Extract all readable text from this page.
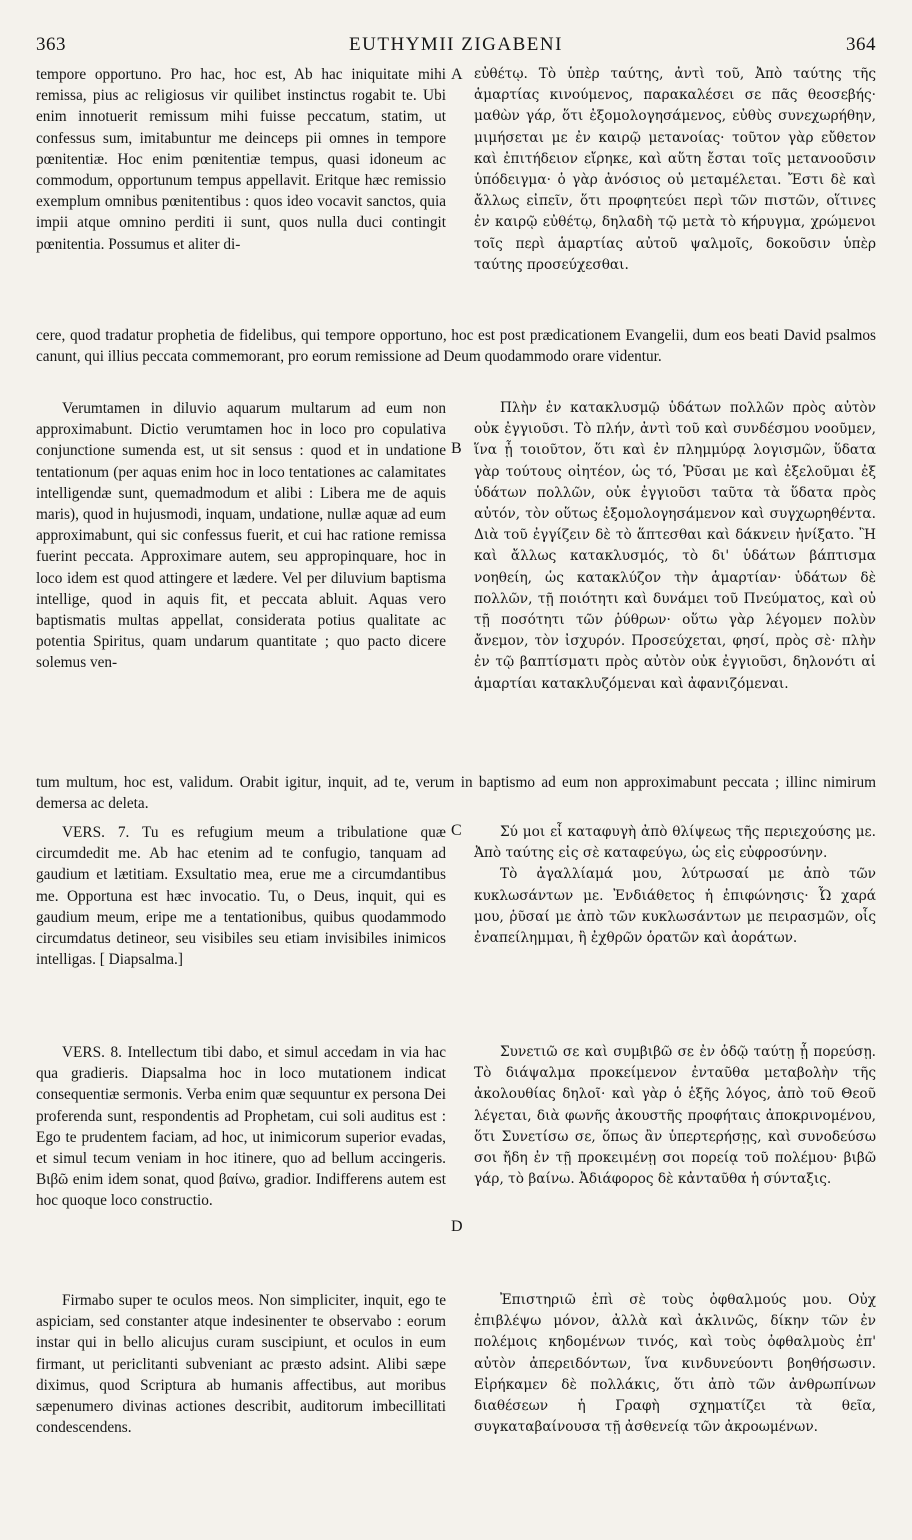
363	EUTHYMII ZIGABENI	364

tempore opportuno. Pro hac, hoc est, Ab hac iniquitate mihi remissa, pius ac religiosus vir quilibet instinctus rogabit te. Ubi enim innotuerit remissum mihi fuisse peccatum, statim, ut confessus sum, imitabuntur me deinceps pii omnes in tempore pœnitentiæ. Hoc enim pœnitentiæ tempus, quasi idoneum ac commodum, opportunum tempus appellavit. Eritque hæc remissio exemplum omnibus pœnitentibus : quos ideo vocavit sanctos, quia impii atque omnino perditi ii sunt, quos nulla duci contingit pœnitentia. Possumus et aliter di-

A εὐθέτῳ. Τὸ ὑπὲρ ταύτης, ἀντὶ τοῦ, Ἀπὸ ταύτης τῆς ἁμαρτίας κινούμενος, παρακαλέσει σε πᾶς θεοσεβής· μαθὼν γάρ, ὅτι ἐξομολογησάμενος, εὐθὺς συνεχωρήθην, μιμήσεται με ἐν καιρῷ μετανοίας· τοῦτον γὰρ εὔθετον καὶ ἐπιτήδειον εἴρηκε, καὶ αὕτη ἔσται τοῖς μετανοοῦσιν ὑπόδειγμα· ὁ γὰρ ἀνόσιος οὐ μεταμέλεται. Ἔστι δὲ καὶ ἄλλως εἰπεῖν, ὅτι προφητεύει περὶ τῶν πιστῶν, οἵτινες ἐν καιρῷ εὐθέτῳ, δηλαδὴ τῷ μετὰ τὸ κήρυγμα, χρώμενοι τοῖς περὶ ἁμαρτίας αὐτοῦ ψαλμοῖς, δοκοῦσιν ὑπὲρ ταύτης προσεύχεσθαι.

cere, quod tradatur prophetia de fidelibus, qui tempore opportuno, hoc est post prædicationem Evangelii, dum eos beati David psalmos canunt, qui illius peccata commemorant, pro eorum remissione ad Deum quodammodo orare videntur.

Verumtamen in diluvio aquarum multarum ad eum non approximabunt. Dictio verumtamen hoc in loco pro copulativa conjunctione sumenda est, ut sit sensus : quod et in undatione tentationum (per aquas enim hoc in loco tentationes ac calamitates intelligendæ sunt, quemadmodum et alibi : Libera me de aquis maris), quod in hujusmodi, inquam, undatione, nullæ aquæ ad eum approximabunt, qui sic confessus fuerit, et cui hac ratione remissa fuerint peccata. Approximare autem, seu appropinquare, hoc in loco idem est quod attingere et lædere. Vel per diluvium baptisma intellige, quod in aquis fit, et peccata abluit. Aquas vero baptismatis multas appellat, considerata potius qualitate ac potentia Spiritus, quam undarum quantitate ; quo pacto dicere solemus ven-

B

Πλὴν ἐν κατακλυσμῷ ὑδάτων πολλῶν πρὸς αὐτὸν οὐκ ἐγγιοῦσι. Τὸ πλήν, ἀντὶ τοῦ καὶ συνδέσμου νοοῦμεν, ἵνα ᾖ τοιοῦτον, ὅτι καὶ ἐν πλημμύρᾳ λογισμῶν, ὕδατα γὰρ τούτους οἰητέον, ὡς τό, Ῥῦσαι με καὶ ἐξελοῦμαι ἐξ ὑδάτων πολλῶν, οὐκ ἐγγιοῦσι ταῦτα τὰ ὕδατα πρὸς αὐτόν, τὸν οὕτως ἐξομολογησάμενον καὶ συγχωρηθέντα. Διὰ τοῦ ἐγγίζειν δὲ τὸ ἅπτεσθαι καὶ δάκνειν ἠνίξατο. Ἢ καὶ ἄλλως κατακλυσμός, τὸ δι' ὑδάτων βάπτισμα νοηθείη, ὡς κατακλύζον τὴν ἁμαρτίαν· ὑδάτων δὲ πολλῶν, τῇ ποιότητι καὶ δυνάμει τοῦ Πνεύματος, καὶ οὐ τῇ ποσότητι τῶν ῥύθρων· οὕτω γὰρ λέγομεν πολὺν ἄνεμον, τὸν ἰσχυρόν. Προσεύχεται, φησί, πρὸς σὲ· πλὴν ἐν τῷ βαπτίσματι πρὸς αὐτὸν οὐκ ἐγγιοῦσι, δηλονότι αἱ ἁμαρτίαι κατακλυζόμεναι καὶ ἀφανιζόμεναι.

tum multum, hoc est, validum. Orabit igitur, inquit, ad te, verum in baptismo ad eum non approximabunt peccata ; illinc nimirum demersa ac deleta.

VERS. 7. Tu es refugium meum a tribulatione quæ circumdedit me. Ab hac etenim ad te confugio, tanquam ad gaudium et lætitiam. Exsultatio mea, erue me a circumdantibus me. Opportuna est hæc invocatio. Tu, o Deus, inquit, qui es gaudium meum, eripe me a tentationibus, quibus quodammodo circumdatus detineor, seu visibiles seu etiam invisibiles inimicos intelligas. [ Diapsalma.]

C	Σύ μοι εἶ καταφυγὴ ἀπὸ θλίψεως τῆς περιεχούσης με. Ἀπὸ ταύτης εἰς σὲ καταφεύγω, ὡς εἰς εὐφροσύνην.

Τὸ ἀγαλλίαμά μου, λύτρωσαί με ἀπὸ τῶν κυκλωσάντων με. Ἐνδιάθετος ἡ ἐπιφώνησις· Ὦ χαρά μου, ῥῦσαί με ἀπὸ τῶν κυκλωσάντων με πειρασμῶν, οἷς ἐναπείλημμαι, ἢ ἐχθρῶν ὁρατῶν καὶ ἀοράτων.

VERS. 8. Intellectum tibi dabo, et simul accedam in via hac qua gradieris. Diapsalma hoc in loco mutationem indicat consequentiæ sermonis. Verba enim quæ sequuntur ex persona Dei proferenda sunt, respondentis ad Prophetam, cui soli auditus est : Ego te prudentem faciam, ad hoc, ut inimicorum superior evadas, et simul tecum veniam in hoc itinere, quo ad bellum accingeris. Βιβῶ enim idem sonat, quod βαίνω, gradior. Indifferens autem est hoc quoque loco constructio.

D

Συνετιῶ σε καὶ συμβιβῶ σε ἐν ὁδῷ ταύτῃ ᾗ πορεύσῃ. Τὸ διάψαλμα προκείμενον ἐνταῦθα μεταβολὴν τῆς ἀκολουθίας δηλοῖ· καὶ γὰρ ὁ ἑξῆς λόγος, ἀπὸ τοῦ Θεοῦ λέγεται, διὰ φωνῆς ἀκουστῆς προφήταις ἀποκρινομένου, ὅτι Συνετίσω σε, ὅπως ἂν ὑπερτερήσῃς, καὶ συνοδεύσω σοι ἤδη ἐν τῇ προκειμένῃ σοι πορείᾳ τοῦ πολέμου· βιβῶ γάρ, τὸ βαίνω. Ἀδιάφορος δὲ κἀνταῦθα ἡ σύνταξις.

Firmabo super te oculos meos. Non simpliciter, inquit, ego te aspiciam, sed constanter atque indesinenter te observabo : eorum instar qui in bello alicujus curam suscipiunt, et oculos in eum firmant, ut periclitanti subveniant ac præsto adsint. Alibi sæpe diximus, quod Scriptura ab humanis affectibus, aut moribus sæpenumero divinas actiones describit, auditorum imbecillitati condescendens.

Ἐπιστηριῶ ἐπὶ σὲ τοὺς ὀφθαλμούς μου. Οὐχ ἐπιβλέψω μόνον, ἀλλὰ καὶ ἀκλινῶς, δίκην τῶν ἐν πολέμοις κηδομένων τινός, καὶ τοὺς ὀφθαλμοὺς ἐπ' αὐτὸν ἀπερειδόντων, ἵνα κινδυνεύοντι βοηθήσωσιν. Εἰρήκαμεν δὲ πολλάκις, ὅτι ἀπὸ τῶν ἀνθρωπίνων διαθέσεων ἡ Γραφὴ σχηματίζει τὰ θεῖα, συγκαταβαίνουσα τῇ ἀσθενείᾳ τῶν ἀκροωμένων.
